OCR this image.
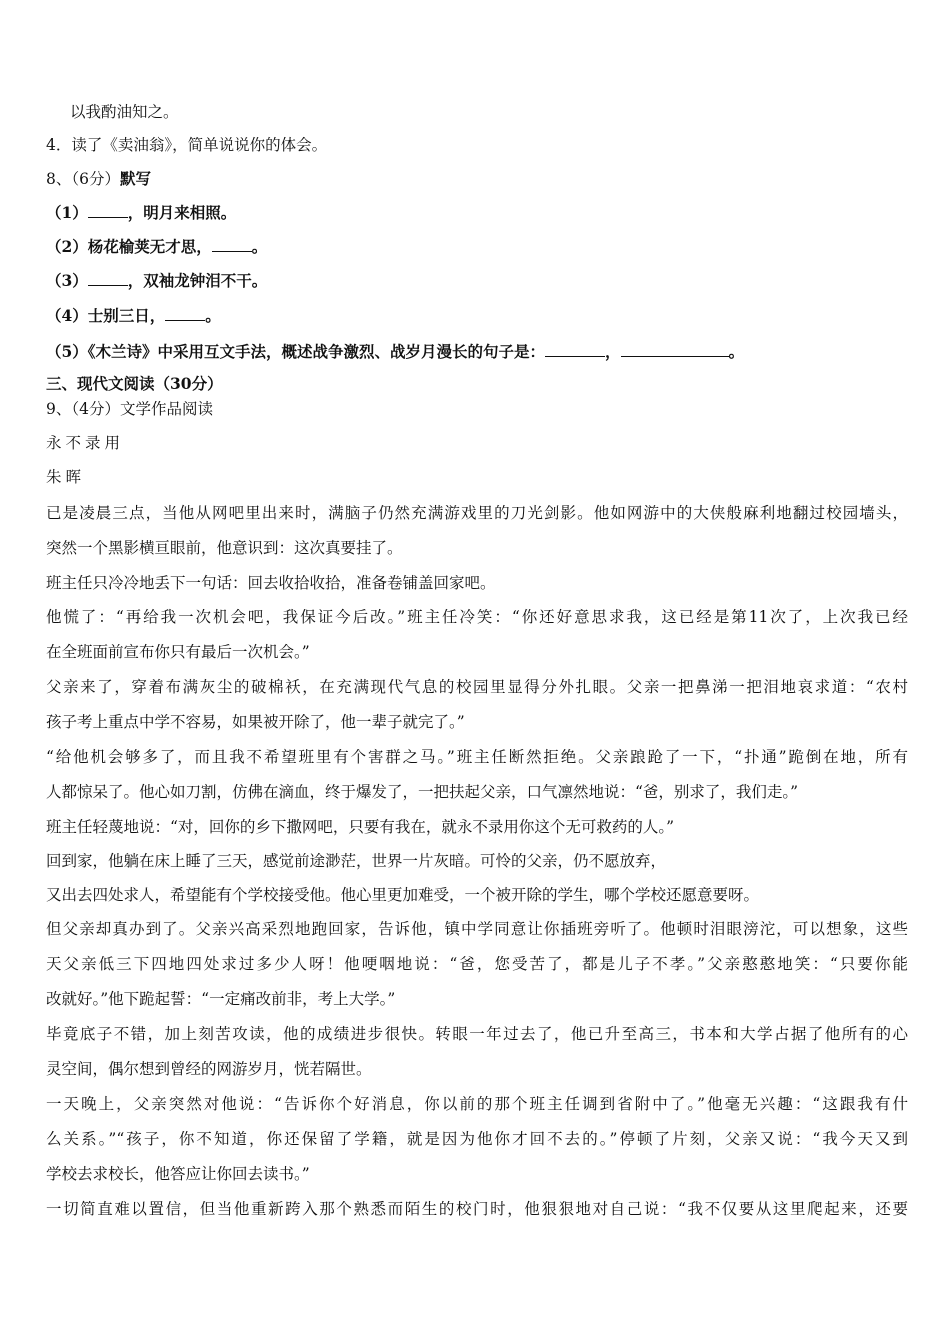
以我酌油知之。
4．读了《卖油翁》，简单说说你的体会。
8、（6分）默写
（1）	，明月来相照。
（2）杨花榆荚无才思，	。
（3）	，双袖龙钟泪不干。
（4）士别三日，	。
（5）《木兰诗》中采用互文手法，概述战争激烈、战岁月漫长的句子是：	，	。
三、现代文阅读（30分）
9、（4分）文学作品阅读
永不录用
朱晖
已是凌晨三点，当他从网吧里出来时，满脑子仍然充满游戏里的刀光剑影。他如网游中的大侠般麻利地翻过校园墙头，
突然一个黑影横亘眼前，他意识到：这次真要挂了。
班主任只冷冷地丢下一句话：回去收拾收拾，准备卷铺盖回家吧。
他慌了：“再给我一次机会吧，我保证今后改。”班主任冷笑：“你还好意思求我，这已经是第11次了，上次我已经
在全班面前宣布你只有最后一次机会。”
父亲来了，穿着布满灰尘的破棉袄，在充满现代气息的校园里显得分外扎眼。父亲一把鼻涕一把泪地哀求道：“农村
孩子考上重点中学不容易，如果被开除了，他一辈子就完了。”
“给他机会够多了，而且我不希望班里有个害群之马。”班主任断然拒绝。父亲踉跄了一下，“扑通”跪倒在地，所有
人都惊呆了。他心如刀割，仿佛在滴血，终于爆发了，一把扶起父亲，口气凛然地说：“爸，别求了，我们走。”
班主任轻蔑地说：“对，回你的乡下撒网吧，只要有我在，就永不录用你这个无可救药的人。”
回到家，他躺在床上睡了三天，感觉前途渺茫，世界一片灰暗。可怜的父亲，仍不愿放弃，
又出去四处求人，希望能有个学校接受他。他心里更加难受，一个被开除的学生，哪个学校还愿意要呀。
但父亲却真办到了。父亲兴高采烈地跑回家，告诉他，镇中学同意让你插班旁听了。他顿时泪眼滂沱，可以想象，这些
天父亲低三下四地四处求过多少人呀！他哽咽地说：“爸，您受苦了，都是儿子不孝。”父亲憨憨地笑：“只要你能
改就好。”他下跪起誓：“一定痛改前非，考上大学。”
毕竟底子不错，加上刻苦攻读，他的成绩进步很快。转眼一年过去了，他已升至高三，书本和大学占据了他所有的心
灵空间，偶尔想到曾经的网游岁月，恍若隔世。
一天晚上，父亲突然对他说：“告诉你个好消息，你以前的那个班主任调到省附中了。”他毫无兴趣：“这跟我有什
么关系。”“孩子，你不知道，你还保留了学籍，就是因为他你才回不去的。”停顿了片刻，父亲又说：“我今天又到
学校去求校长，他答应让你回去读书。”
一切简直难以置信，但当他重新跨入那个熟悉而陌生的校门时，他狠狠地对自己说：“我不仅要从这里爬起来，还要
